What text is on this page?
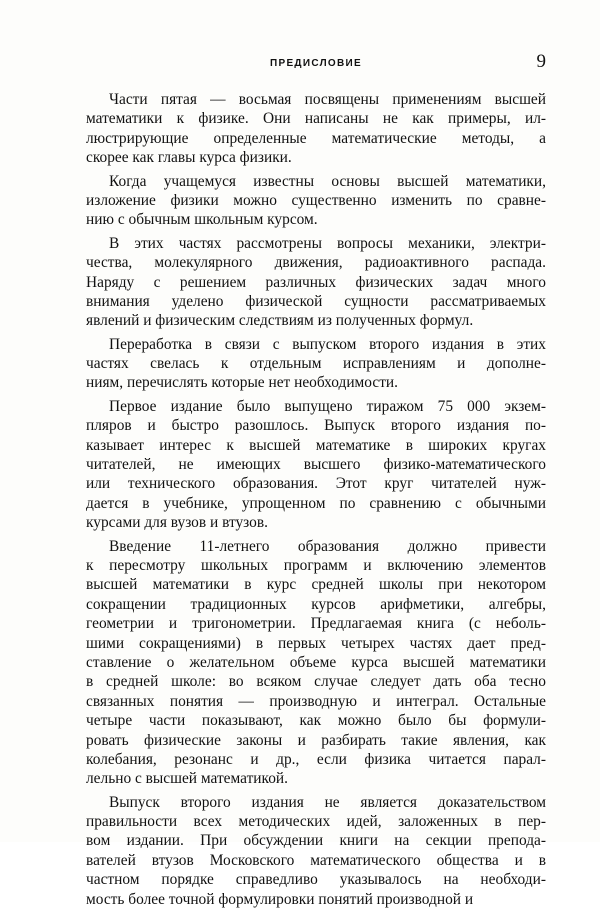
ПРЕДИСЛОВИЕ	9
Части пятая — восьмая посвящены применениям высшей
математики к физике. Они написаны не как примеры, ил-
люстрирующие определенные математические методы, а
скорее как главы курса физики.
Когда учащемуся известны основы высшей математики,
изложение физики можно существенно изменить по сравне-
нию с обычным школьным курсом.
В этих частях рассмотрены вопросы механики, электри-
чества, молекулярного движения, радиоактивного распада.
Наряду с решением различных физических задач много
внимания уделено физической сущности рассматриваемых
явлений и физическим следствиям из полученных формул.
Переработка в связи с выпуском второго издания в этих
частях свелась к отдельным исправлениям и дополне-
ниям, перечислять которые нет необходимости.
Первое издание было выпущено тиражом 75 000 экзем-
пляров и быстро разошлось. Выпуск второго издания по-
казывает интерес к высшей математике в широких кругах
читателей, не имеющих высшего физико-математического
или технического образования. Этот круг читателей нуж-
дается в учебнике, упрощенном по сравнению с обычными
курсами для вузов и втузов.
Введение 11-летнего образования должно привести
к пересмотру школьных программ и включению элементов
высшей математики в курс средней школы при некотором
сокращении традиционных курсов арифметики, алгебры,
геометрии и тригонометрии. Предлагаемая книга (с неболь-
шими сокращениями) в первых четырех частях дает пред-
ставление о желательном объеме курса высшей математики
в средней школе: во всяком случае следует дать оба тесно
связанных понятия — производную и интеграл. Остальные
четыре части показывают, как можно было бы формули-
ровать физические законы и разбирать такие явления, как
колебания, резонанс и др., если физика читается парал-
лельно с высшей математикой.
Выпуск второго издания не является доказательством
правильности всех методических идей, заложенных в пер-
вом издании. При обсуждении книги на секции препода-
вателей втузов Московского математического общества и в
частном порядке справедливо указывалось на необходи-
мость более точной формулировки понятий производной и
